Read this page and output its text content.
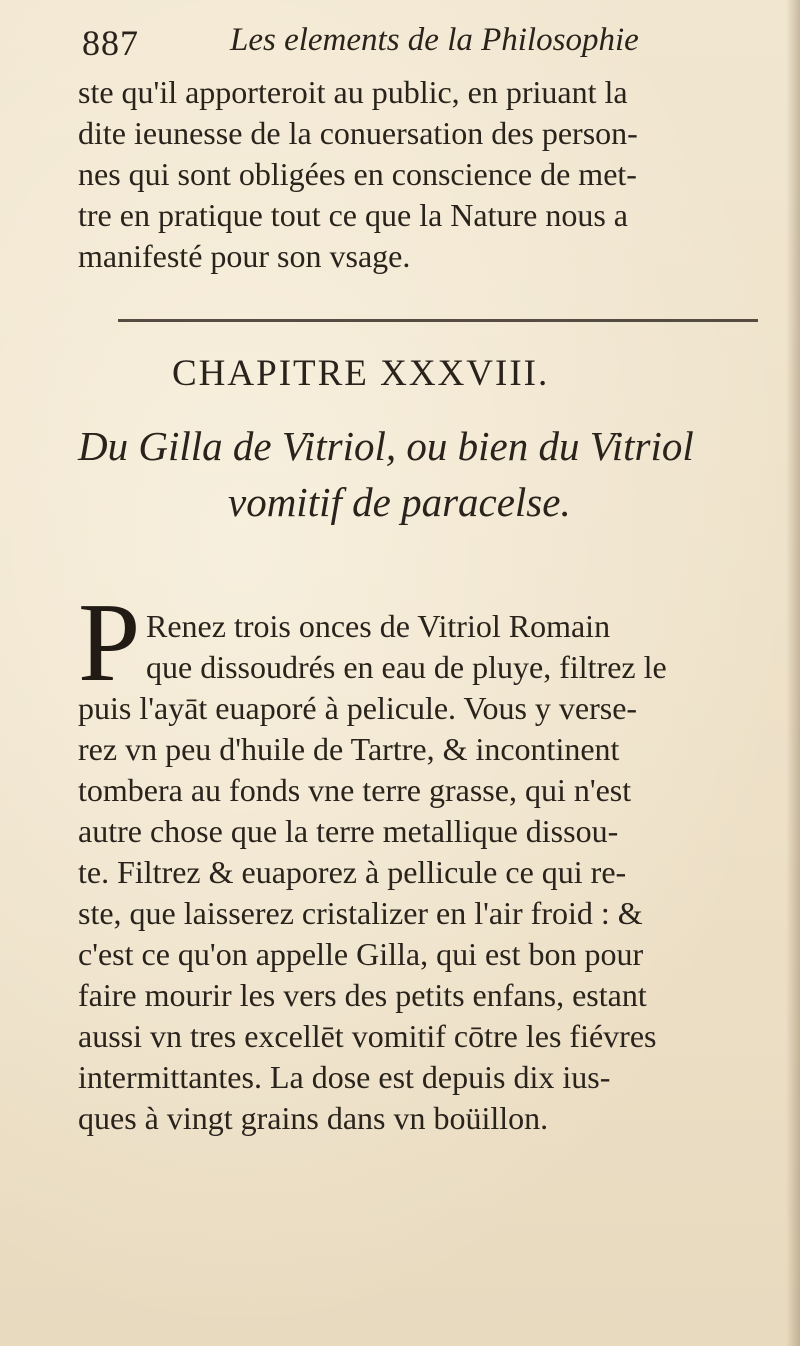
887	Les elements de la Philosophie
ste qu'il apporteroit au public, en priuant la
dite ieunesse de la conuersation des person-
nes qui sont obligées en conscience de met-
tre en pratique tout ce que la Nature nous a
manifesté pour son vsage.
CHAPITRE XXXVIII.
Du Gilla de Vitriol, ou bien du Vitriol
vomitif de paracelse.
P Renez trois onces de Vitriol Romain
que dissoudrés en eau de pluye, filtrez le
puis l'ayāt euaporé à pelicule. Vous y verse-
rez vn peu d'huile de Tartre, & incontinent
tombera au fonds vne terre grasse, qui n'est
autre chose que la terre metallique dissou-
te. Filtrez & euaporez à pellicule ce qui re-
ste, que laisserez cristalizer en l'air froid : &
c'est ce qu'on appelle Gilla, qui est bon pour
faire mourir les vers des petits enfans, estant
aussi vn tres excellēt vomitif cōtre les fiévres
intermittantes. La dose est depuis dix ius-
ques à vingt grains dans vn boüillon.
